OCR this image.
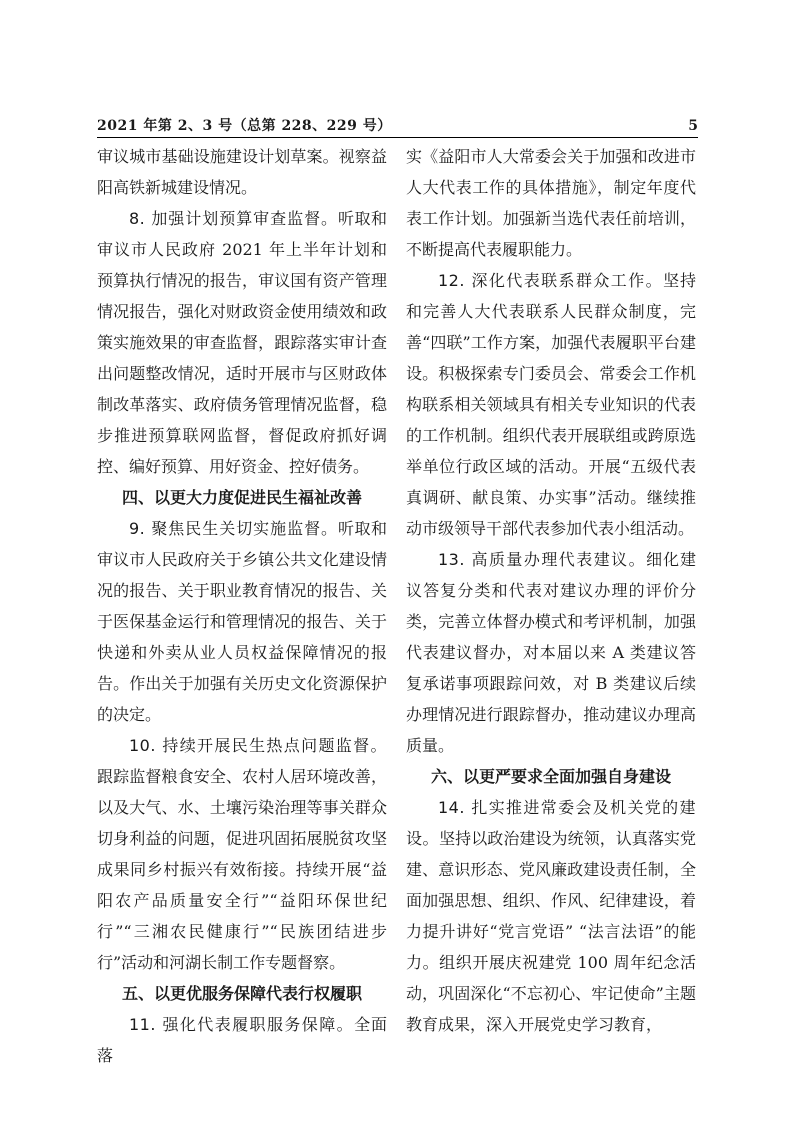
2021 年第 2、3 号（总第 228、229 号）	5

审议城市基础设施建设计划草案。视察益阳高铁新城建设情况。

8. 加强计划预算审查监督。听取和审议市人民政府 2021 年上半年计划和预算执行情况的报告，审议国有资产管理情况报告，强化对财政资金使用绩效和政策实施效果的审查监督，跟踪落实审计查出问题整改情况，适时开展市与区财政体制改革落实、政府债务管理情况监督，稳步推进预算联网监督，督促政府抓好调控、编好预算、用好资金、控好债务。

四、以更大力度促进民生福祉改善

9. 聚焦民生关切实施监督。听取和审议市人民政府关于乡镇公共文化建设情况的报告、关于职业教育情况的报告、关于医保基金运行和管理情况的报告、关于快递和外卖从业人员权益保障情况的报告。作出关于加强有关历史文化资源保护的决定。

10. 持续开展民生热点问题监督。跟踪监督粮食安全、农村人居环境改善，以及大气、水、土壤污染治理等事关群众切身利益的问题，促进巩固拓展脱贫攻坚成果同乡村振兴有效衔接。持续开展“益阳农产品质量安全行”“益阳环保世纪行”“三湘农民健康行”“民族团结进步行”活动和河湖长制工作专题督察。

五、以更优服务保障代表行权履职

11. 强化代表履职服务保障。全面落

实《益阳市人大常委会关于加强和改进市人大代表工作的具体措施》，制定年度代表工作计划。加强新当选代表任前培训，不断提高代表履职能力。

12. 深化代表联系群众工作。坚持和完善人大代表联系人民群众制度，完善“四联”工作方案，加强代表履职平台建设。积极探索专门委员会、常委会工作机构联系相关领域具有相关专业知识的代表的工作机制。组织代表开展联组或跨原选举单位行政区域的活动。开展“五级代表真调研、献良策、办实事”活动。继续推动市级领导干部代表参加代表小组活动。

13. 高质量办理代表建议。细化建议答复分类和代表对建议办理的评价分类，完善立体督办模式和考评机制，加强代表建议督办，对本届以来 A 类建议答复承诺事项跟踪问效，对 B 类建议后续办理情况进行跟踪督办，推动建议办理高质量。

六、以更严要求全面加强自身建设

14. 扎实推进常委会及机关党的建设。坚持以政治建设为统领，认真落实党建、意识形态、党风廉政建设责任制，全面加强思想、组织、作风、纪律建设，着力提升讲好“党言党语” “法言法语”的能力。组织开展庆祝建党 100 周年纪念活动，巩固深化“不忘初心、牢记使命”主题教育成果，深入开展党史学习教育，
